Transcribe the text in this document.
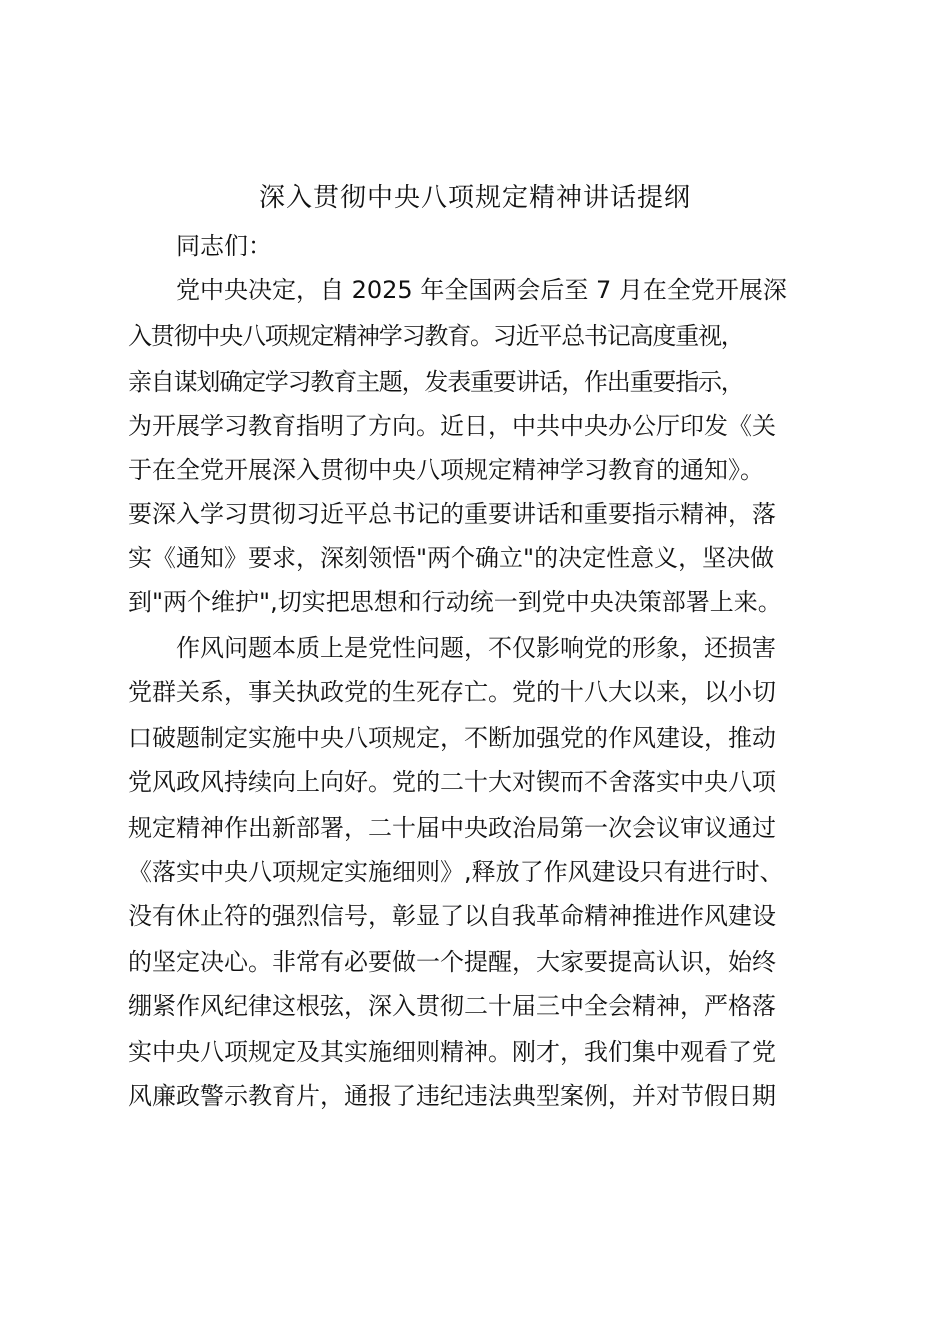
深入贯彻中央八项规定精神讲话提纲
同志们：
党中央决定，自 2025 年全国两会后至 7 月在全党开展深
入贯彻中央八项规定精神学习教育。习近平总书记高度重视，
亲自谋划确定学习教育主题，发表重要讲话，作出重要指示，
为开展学习教育指明了方向。近日，中共中央办公厅印发《关
于在全党开展深入贯彻中央八项规定精神学习教育的通知》。
要深入学习贯彻习近平总书记的重要讲话和重要指示精神，落
实《通知》要求，深刻领悟"两个确立"的决定性意义，坚决做
到"两个维护",切实把思想和行动统一到党中央决策部署上来。
作风问题本质上是党性问题，不仅影响党的形象，还损害
党群关系，事关执政党的生死存亡。党的十八大以来，以小切
口破题制定实施中央八项规定，不断加强党的作风建设，推动
党风政风持续向上向好。党的二十大对锲而不舍落实中央八项
规定精神作出新部署，二十届中央政治局第一次会议审议通过
《落实中央八项规定实施细则》,释放了作风建设只有进行时、
没有休止符的强烈信号，彰显了以自我革命精神推进作风建设
的坚定决心。非常有必要做一个提醒，大家要提高认识，始终
绷紧作风纪律这根弦，深入贯彻二十届三中全会精神，严格落
实中央八项规定及其实施细则精神。刚才，我们集中观看了党
风廉政警示教育片，通报了违纪违法典型案例，并对节假日期
